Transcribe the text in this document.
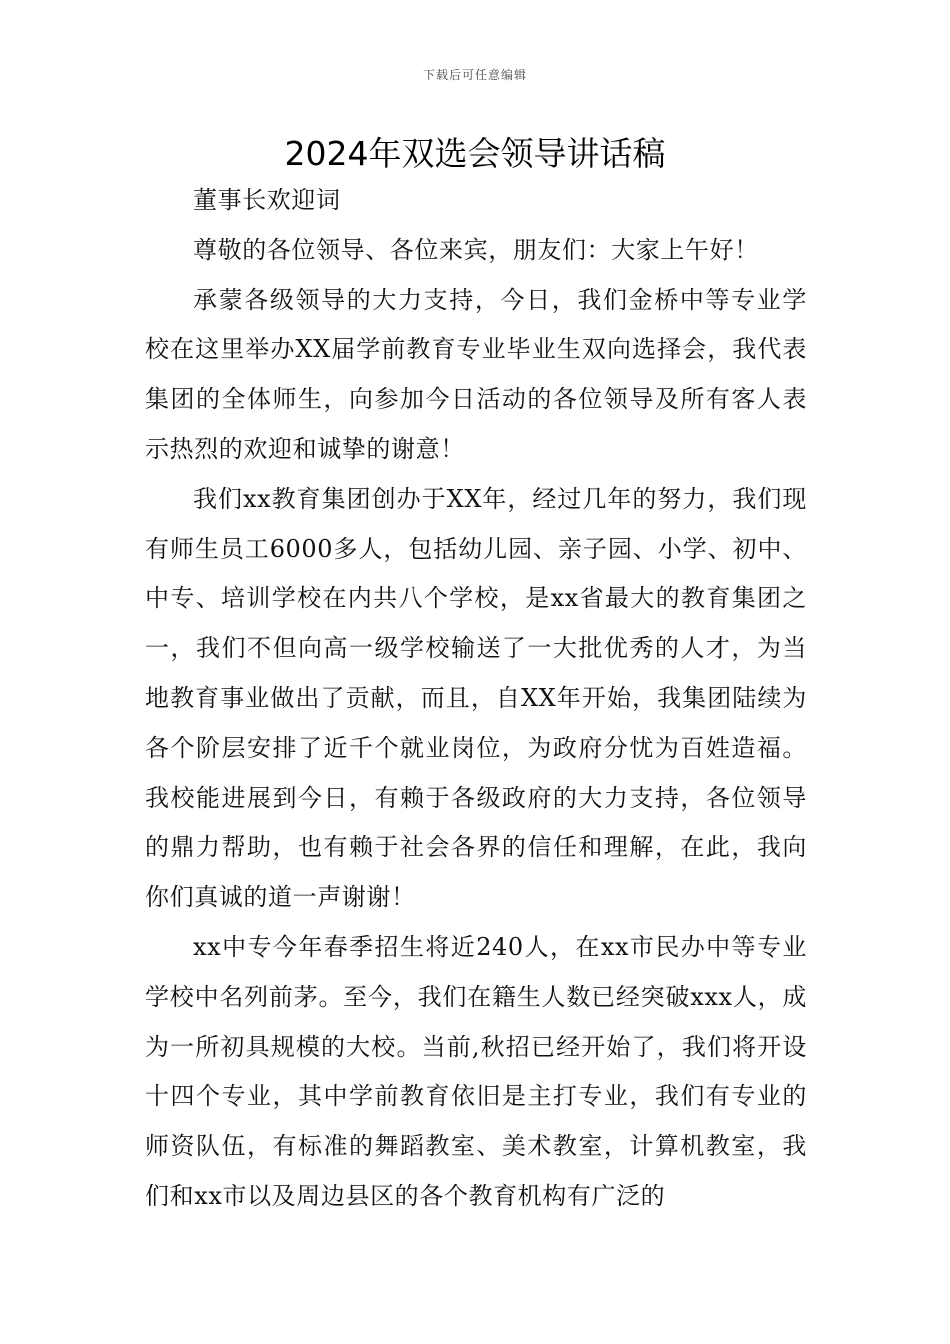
下载后可任意编辑
2024年双选会领导讲话稿

董事长欢迎词

尊敬的各位领导、各位来宾，朋友们：大家上午好！

承蒙各级领导的大力支持，今日，我们金桥中等专业学校在这里举办XX届学前教育专业毕业生双向选择会，我代表集团的全体师生，向参加今日活动的各位领导及所有客人表示热烈的欢迎和诚挚的谢意！

我们xx教育集团创办于XX年，经过几年的努力，我们现有师生员工6000多人，包括幼儿园、亲子园、小学、初中、中专、培训学校在内共八个学校，是xx省最大的教育集团之一，我们不但向高一级学校输送了一大批优秀的人才，为当地教育事业做出了贡献，而且，自XX年开始，我集团陆续为各个阶层安排了近千个就业岗位，为政府分忧为百姓造福。我校能进展到今日，有赖于各级政府的大力支持，各位领导的鼎力帮助，也有赖于社会各界的信任和理解，在此，我向你们真诚的道一声谢谢！

xx中专今年春季招生将近240人，在xx市民办中等专业学校中名列前茅。至今，我们在籍生人数已经突破xxx人，成为一所初具规模的大校。当前,秋招已经开始了，我们将开设十四个专业，其中学前教育依旧是主打专业，我们有专业的师资队伍，有标准的舞蹈教室、美术教室，计算机教室，我们和xx市以及周边县区的各个教育机构有广泛的
